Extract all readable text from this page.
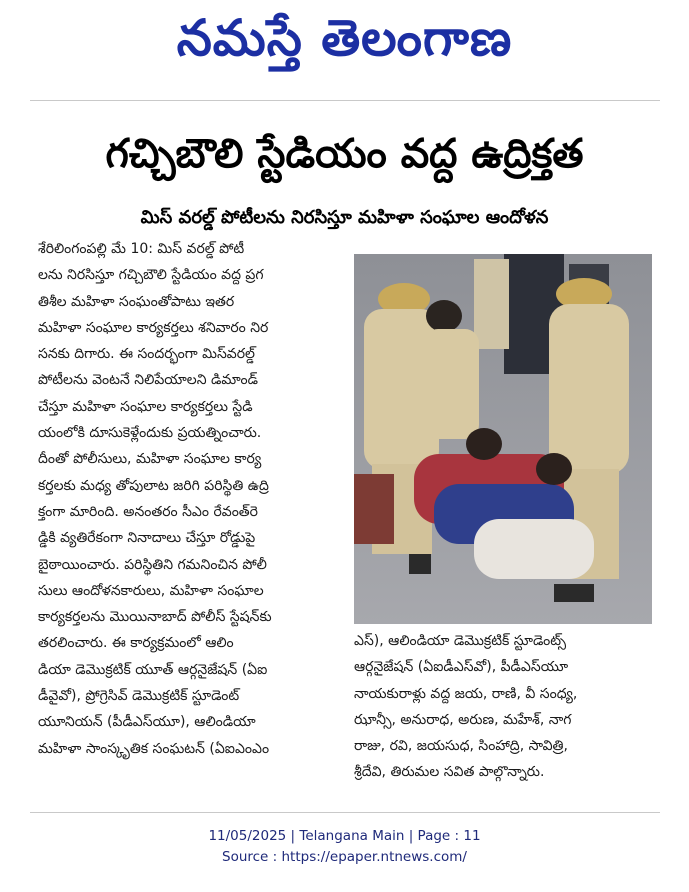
నమస్తే తెలంగాణ
గచ్చిబౌలి స్టేడియం వద్ద ఉద్రిక్తత
మిస్ వరల్డ్ పోటీలను నిరసిస్తూ మహిళా సంఘాల ఆందోళన
శేరిలింగంపల్లి మే 10: మిస్ వరల్డ్ పోటీ
లను నిరసిస్తూ గచ్చిబౌలి స్టేడియం వద్ద ప్రగ
తిశీల మహిళా సంఘంతోపాటు ఇతర
మహిళా సంఘాల కార్యకర్తలు శనివారం నిర
సనకు దిగారు. ఈ సందర్భంగా మిస్‌వరల్డ్
పోటీలను వెంటనే నిలిపేయాలని డిమాండ్
చేస్తూ మహిళా సంఘాల కార్యకర్తలు స్టేడి
యంలోకి దూసుకెళ్లేందుకు ప్రయత్నించారు.
దీంతో పోలీసులు, మహిళా సంఘాల కార్య
కర్తలకు మధ్య తోపులాట జరిగి పరిస్థితి ఉద్రి
క్తంగా మారింది. అనంతరం సీఎం రేవంత్‌రె
డ్డికి వ్యతిరేకంగా నినాదాలు చేస్తూ రోడ్డుపై
బైఠాయించారు. పరిస్థితిని గమనించిన పోలీ
సులు ఆందోళనకారులు, మహిళా సంఘాల
కార్యకర్తలను మొయినాబాద్ పోలీస్ స్టేషన్‌కు
తరలించారు. ఈ కార్యక్రమంలో ఆలిం
డియా డెమొక్రటిక్ యూత్ ఆర్గనైజేషన్ (ఏఐ
డీవైవో), ప్రోగ్రెసివ్ డెమొక్రటిక్ స్టూడెంట్
యూనియన్ (పీడీఎస్‌యూ), ఆలిండియా
మహిళా సాంస్కృతిక సంఘటన్ (ఏఐఎంఎం
ఎస్), ఆలిండియా డెమొక్రటిక్ స్టూడెంట్స్
ఆర్గనైజేషన్ (ఏఐడీఎస్‌వో), పీడీఎస్‌యూ
నాయకురాళ్లు వద్ద జయ, రాణి, వీ సంధ్య,
ఝాన్సీ, అనురాధ, అరుణ, మహేశ్, నాగ
రాజు, రవి, జయసుధ, సింహాద్రి, సావిత్రి,
శ్రీదేవి, తిరుమల సవిత పాల్గొన్నారు.
11/05/2025 | Telangana Main | Page : 11
Source : https://epaper.ntnews.com/
